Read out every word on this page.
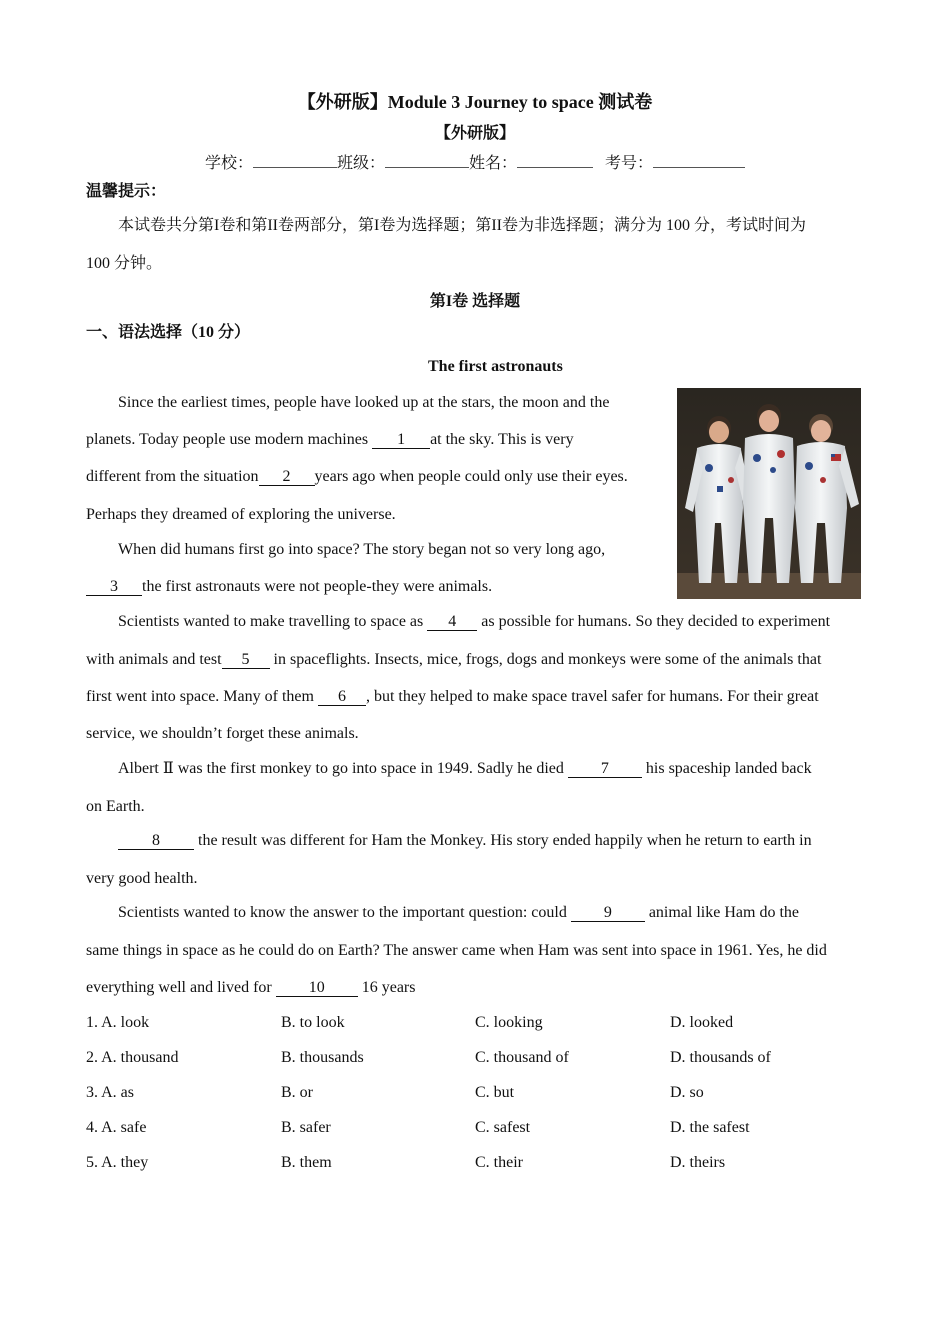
【外研版】Module 3 Journey to space 测试卷
【外研版】
学校：	班级：	姓名：	考号：
温馨提示：
本试卷共分第I卷和第II卷两部分，第I卷为选择题；第II卷为非选择题；满分为 100 分，考试时间为
100 分钟。
第I卷 选择题
一、语法选择（10 分）
The first astronauts
Since the earliest times, people have looked up at the stars, the moon and the
planets. Today people use modern machines 1 at the sky. This is very
different from the situation 2 years ago when people could only use their eyes.
Perhaps they dreamed of exploring the universe.
When did humans first go into space? The story began not so very long ago,
3 the first astronauts were not people-they were animals.
Scientists wanted to make travelling to space as 4 as possible for humans. So they decided to experiment
with animals and test 5 in spaceflights. Insects, mice, frogs, dogs and monkeys were some of the animals that
first went into space. Many of them 6 , but they helped to make space travel safer for humans. For their great
service, we shouldn’t forget these animals.
Albert Ⅱ was the first monkey to go into space in 1949. Sadly he died 7 his spaceship landed back
on Earth.
8 the result was different for Ham the Monkey. His story ended happily when he return to earth in
very good health.
Scientists wanted to know the answer to the important question: could 9 animal like Ham do the
same things in space as he could do on Earth? The answer came when Ham was sent into space in 1961. Yes, he did
everything well and lived for 10 16 years
1. A. look	B. to look	C. looking	D. looked
2. A. thousand	B. thousands	C. thousand of	D. thousands of
3. A. as	B. or	C. but	D. so
4. A. safe	B. safer	C. safest	D. the safest
5. A. they	B. them	C. their	D. theirs
